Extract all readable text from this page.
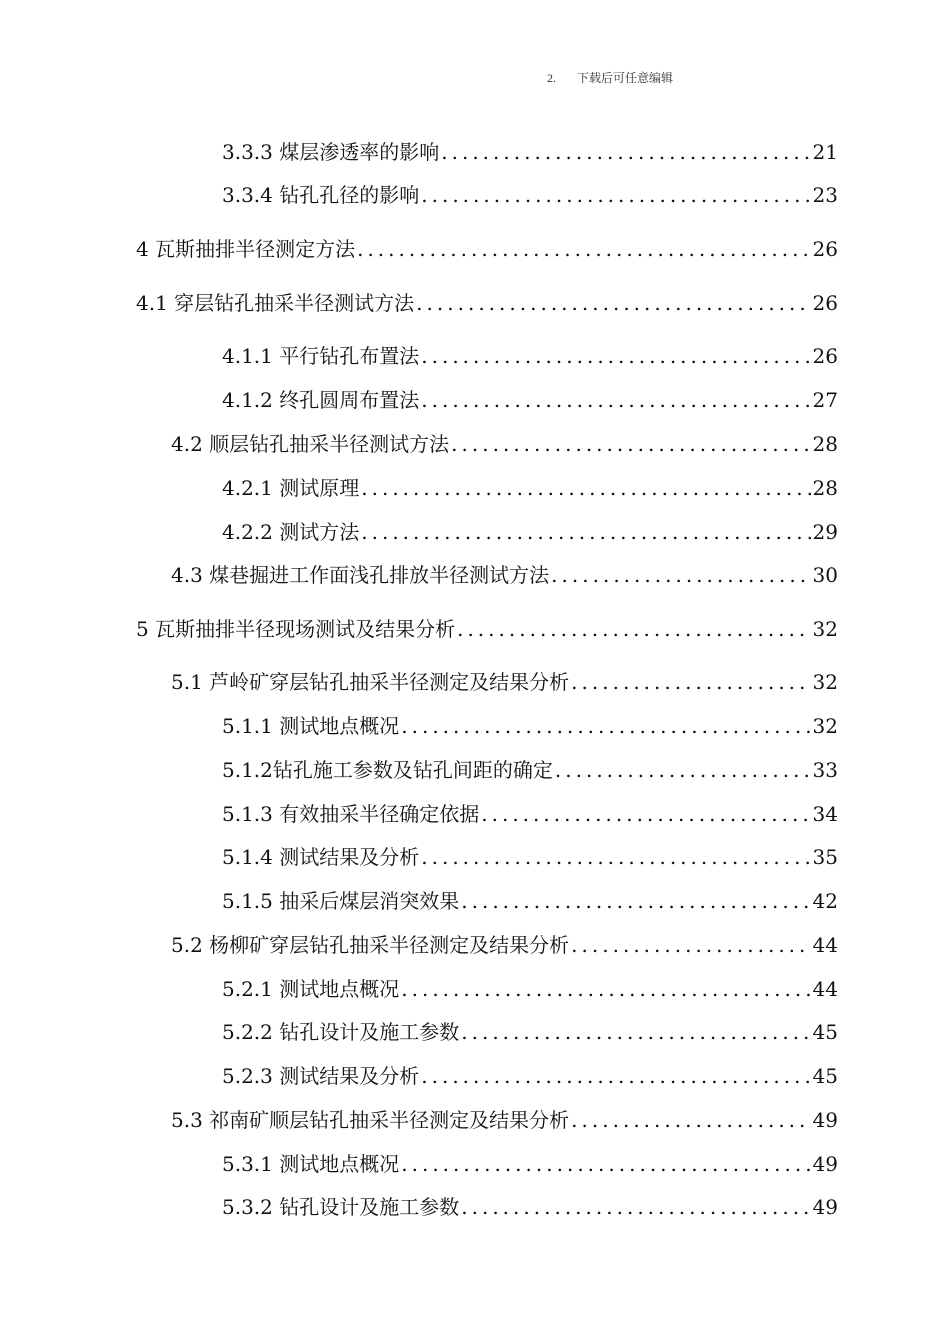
2. 下载后可任意编辑
3.3.3 煤层渗透率的影响 .....	21
3.3.4 钻孔孔径的影响 .....	23
4 瓦斯抽排半径测定方法 .....	26
4.1 穿层钻孔抽采半径测试方法 .....	26
4.1.1 平行钻孔布置法 .....	26
4.1.2 终孔圆周布置法 .....	27
4.2 顺层钻孔抽采半径测试方法 .....	28
4.2.1 测试原理 .....	28
4.2.2 测试方法 .....	29
4.3 煤巷掘进工作面浅孔排放半径测试方法 .....	30
5 瓦斯抽排半径现场测试及结果分析 .....	32
5.1 芦岭矿穿层钻孔抽采半径测定及结果分析 .....	32
5.1.1 测试地点概况 .....	32
5.1.2钻孔施工参数及钻孔间距的确定 .....	33
5.1.3 有效抽采半径确定依据 .....	34
5.1.4 测试结果及分析 .....	35
5.1.5 抽采后煤层消突效果 .....	42
5.2 杨柳矿穿层钻孔抽采半径测定及结果分析 .....	44
5.2.1 测试地点概况 .....	44
5.2.2 钻孔设计及施工参数 .....	45
5.2.3 测试结果及分析 .....	45
5.3 祁南矿顺层钻孔抽采半径测定及结果分析 .....	49
5.3.1 测试地点概况 .....	49
5.3.2 钻孔设计及施工参数 .....	49
